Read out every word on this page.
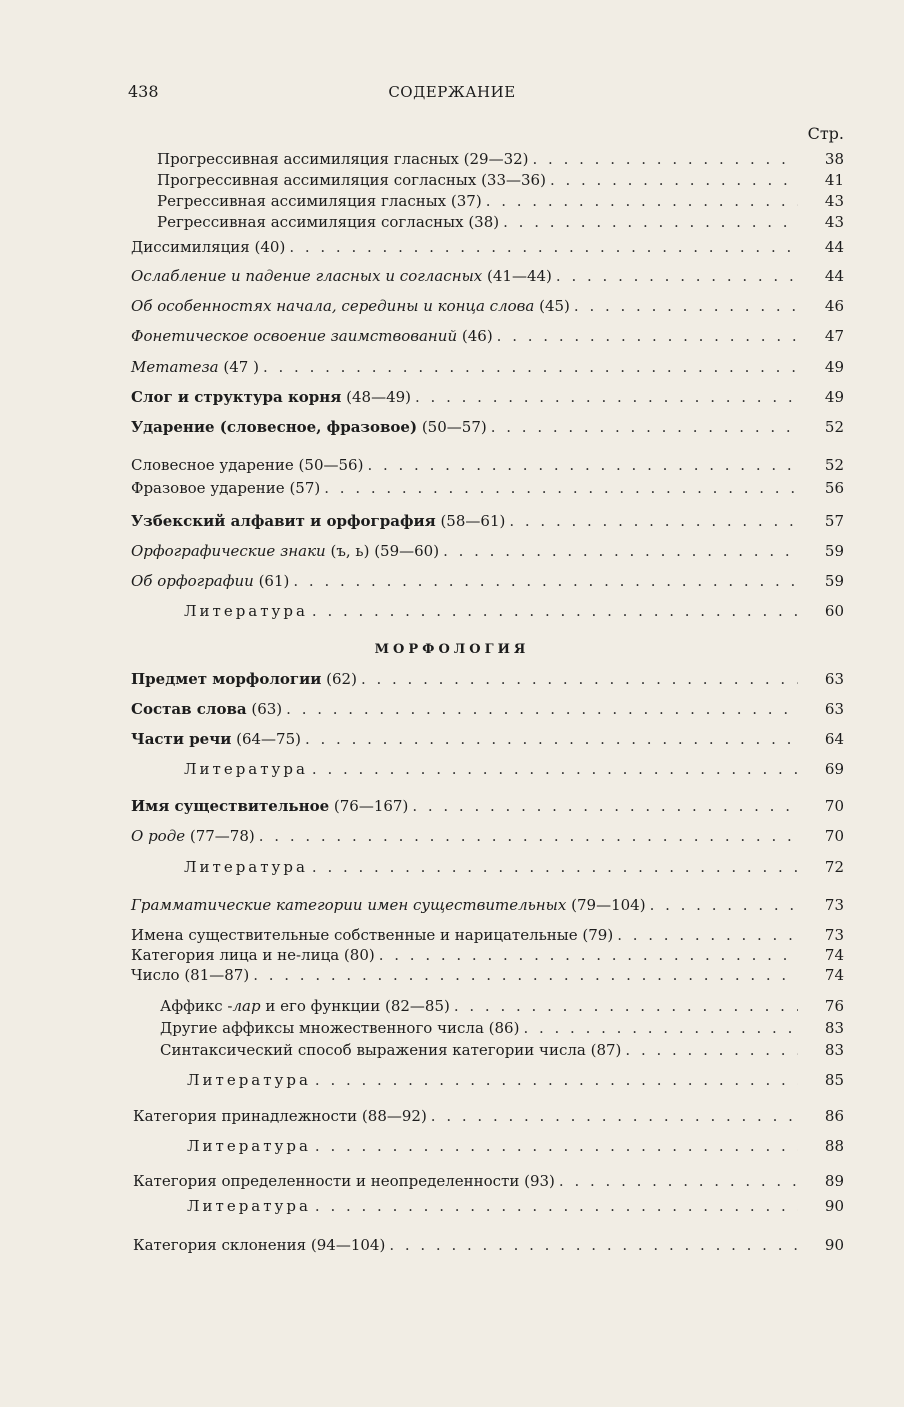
438	СОДЕРЖАНИЕ
Стр.
Прогрессивная ассимиляция гласных (29—32) . . .	38
Прогрессивная ассимиляция согласных (33—36) . . .	41
Регрессивная ассимиляция гласных (37) . . .	43
Регрессивная ассимиляция согласных (38) . . .	43
Диссимиляция (40) . . .	44
Ослабление и падение гласных и согласных (41—44) . . .	44
Об особенностях начала, середины и конца слова (45) . . .	46
Фонетическое освоение заимствований (46) . . .	47
Метатеза (47 ) . . .	49
Слог и структура корня (48—49) . . .	49
Ударение (словесное, фразовое) (50—57) . . .	52
Словесное ударение (50—56) . . .	52
Фразовое ударение (57) . . .	56
Узбекский алфавит и орфография (58—61) . . .	57
Орфографические знаки (ъ, ь) (59—60) . . .	59
Об орфографии (61) . . .	59
Литература . . .	60
МОРФОЛОГИЯ
Предмет морфологии (62) . . .	63
Состав слова (63) . . .	63
Части речи (64—75) . . .	64
Литература . . .	69
Имя существительное (76—167) . . .	70
О роде (77—78) . . .	70
Литература . . .	72
Грамматические категории имен существительных (79—104) . . .	73
Имена существительные собственные и нарицательные (79) . . .	73
Категория лица и не-лица (80) . . .	74
Число (81—87) . . .	74
Аффикс -лар и его функции (82—85) . . .	76
Другие аффиксы множественного числа (86) . . .	83
Синтаксический способ выражения категории числа (87) . . .	83
Литература . . .	85
Категория принадлежности (88—92) . . .	86
Литература . . .	88
Категория определенности и неопределенности (93) . . .	89
Литература . . .	90
Категория склонения (94—104) . . .	90
